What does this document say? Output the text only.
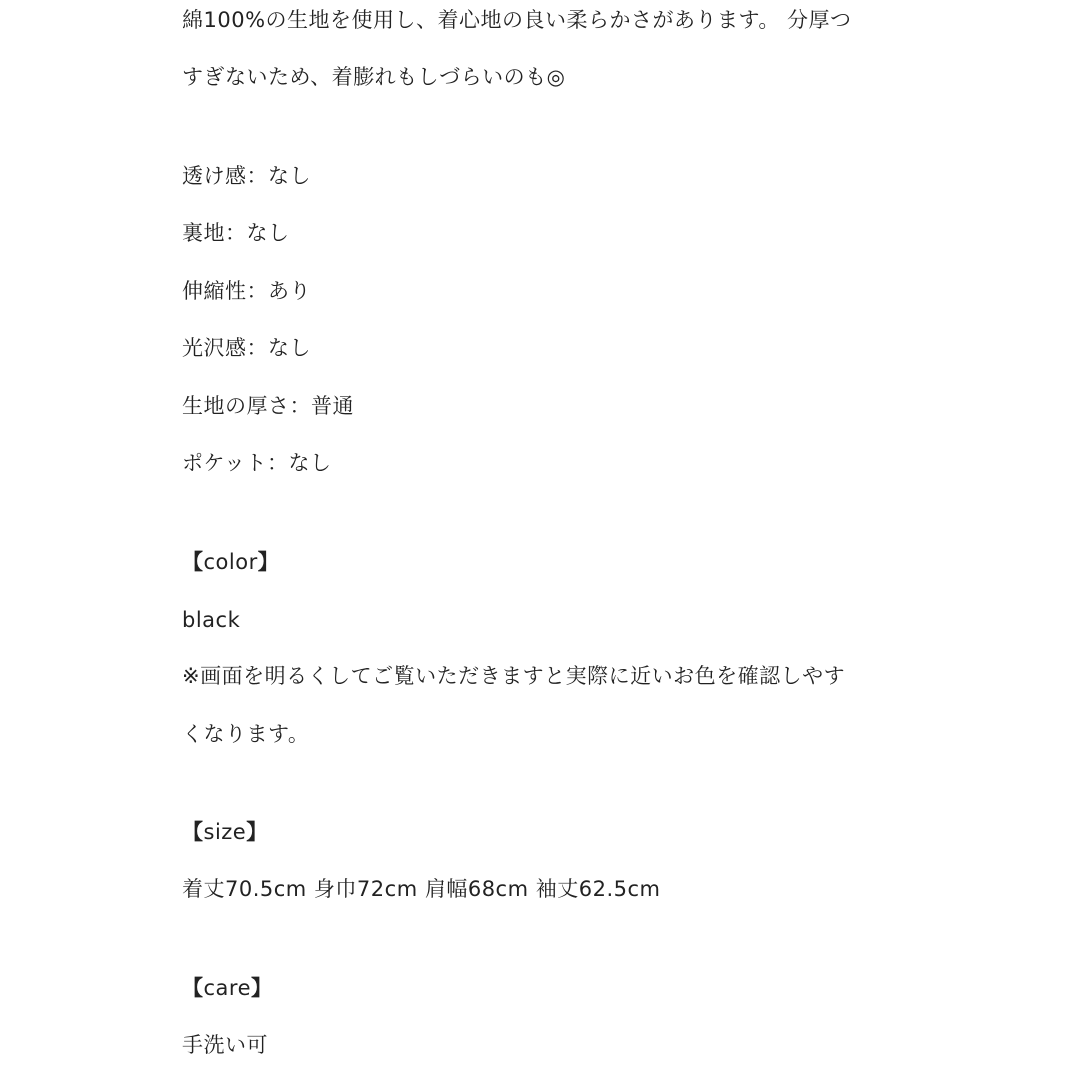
綿100%の生地を使用し、着心地の良い柔らかさがあります。 分厚つ
すぎないため、着膨れもしづらいのも◎
透け感：なし
裏地：なし
伸縮性：あり
光沢感：なし
生地の厚さ：普通
ポケット：なし
【color】
black
※画面を明るくしてご覧いただきますと実際に近いお色を確認しやす
くなります。
【size】
着丈70.5cm 身巾72cm 肩幅68cm 袖丈62.5cm
【care】
手洗い可
